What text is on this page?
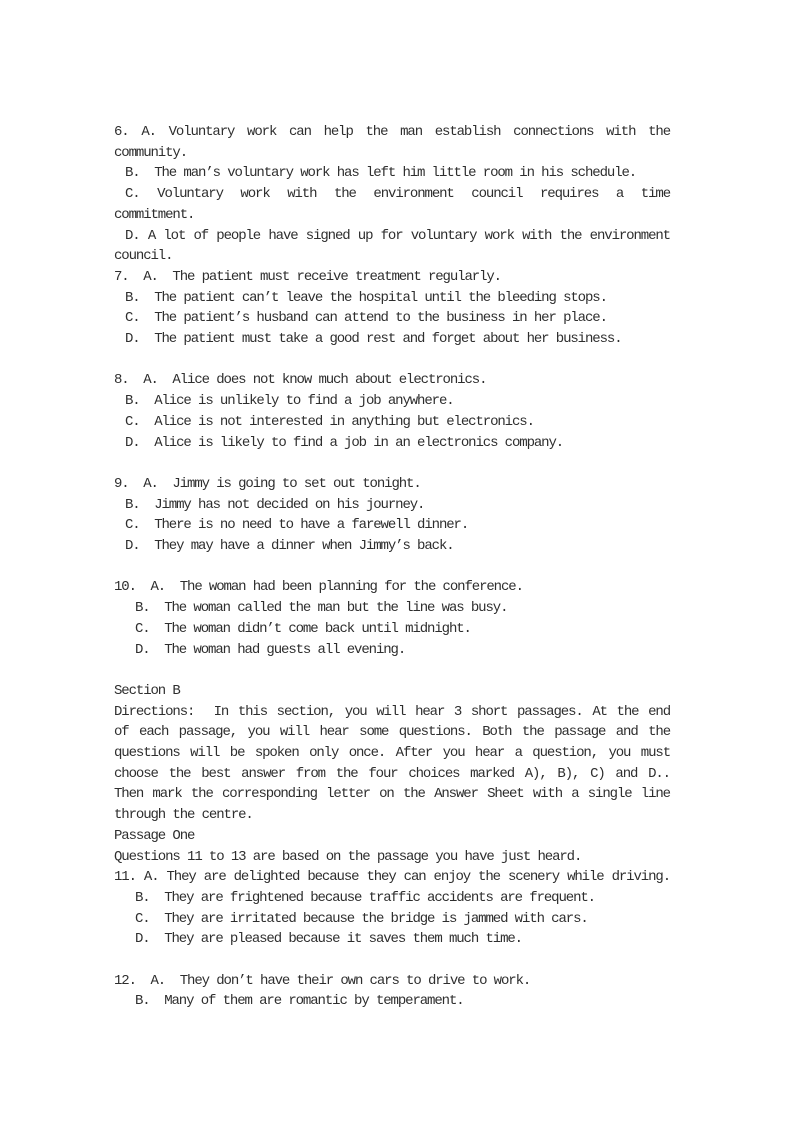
6. A. Voluntary work can help the man establish connections with the
community.
B.  The man’s voluntary work has left him little room in his schedule.
C. Voluntary work with the environment council requires a time
commitment.
D. A lot of people have signed up for voluntary work with the environment
council.
7.  A.  The patient must receive treatment regularly.
B.  The patient can’t leave the hospital until the bleeding stops.
C.  The patient’s husband can attend to the business in her place.
D.  The patient must take a good rest and forget about her business.
8.  A.  Alice does not know much about electronics.
B.  Alice is unlikely to find a job anywhere.
C.  Alice is not interested in anything but electronics.
D.  Alice is likely to find a job in an electronics company.
9.  A.  Jimmy is going to set out tonight.
B.  Jimmy has not decided on his journey.
C.  There is no need to have a farewell dinner.
D.  They may have a dinner when Jimmy’s back.
10.  A.  The woman had been planning for the conference.
B.  The woman called the man but the line was busy.
C.  The woman didn’t come back until midnight.
D.  The woman had guests all evening.
Section B
Directions:  In this section, you will hear 3 short passages. At the end
of each passage, you will hear some questions. Both the passage and the
questions will be spoken only once. After you hear a question, you must
choose the best answer from the four choices marked A), B), C) and D..
Then mark the corresponding letter on the Answer Sheet with a single line
through the centre.
Passage One
Questions 11 to 13 are based on the passage you have just heard.
11. A. They are delighted because they can enjoy the scenery while driving.
B.  They are frightened because traffic accidents are frequent.
C.  They are irritated because the bridge is jammed with cars.
D.  They are pleased because it saves them much time.
12.  A.  They don’t have their own cars to drive to work.
B.  Many of them are romantic by temperament.
